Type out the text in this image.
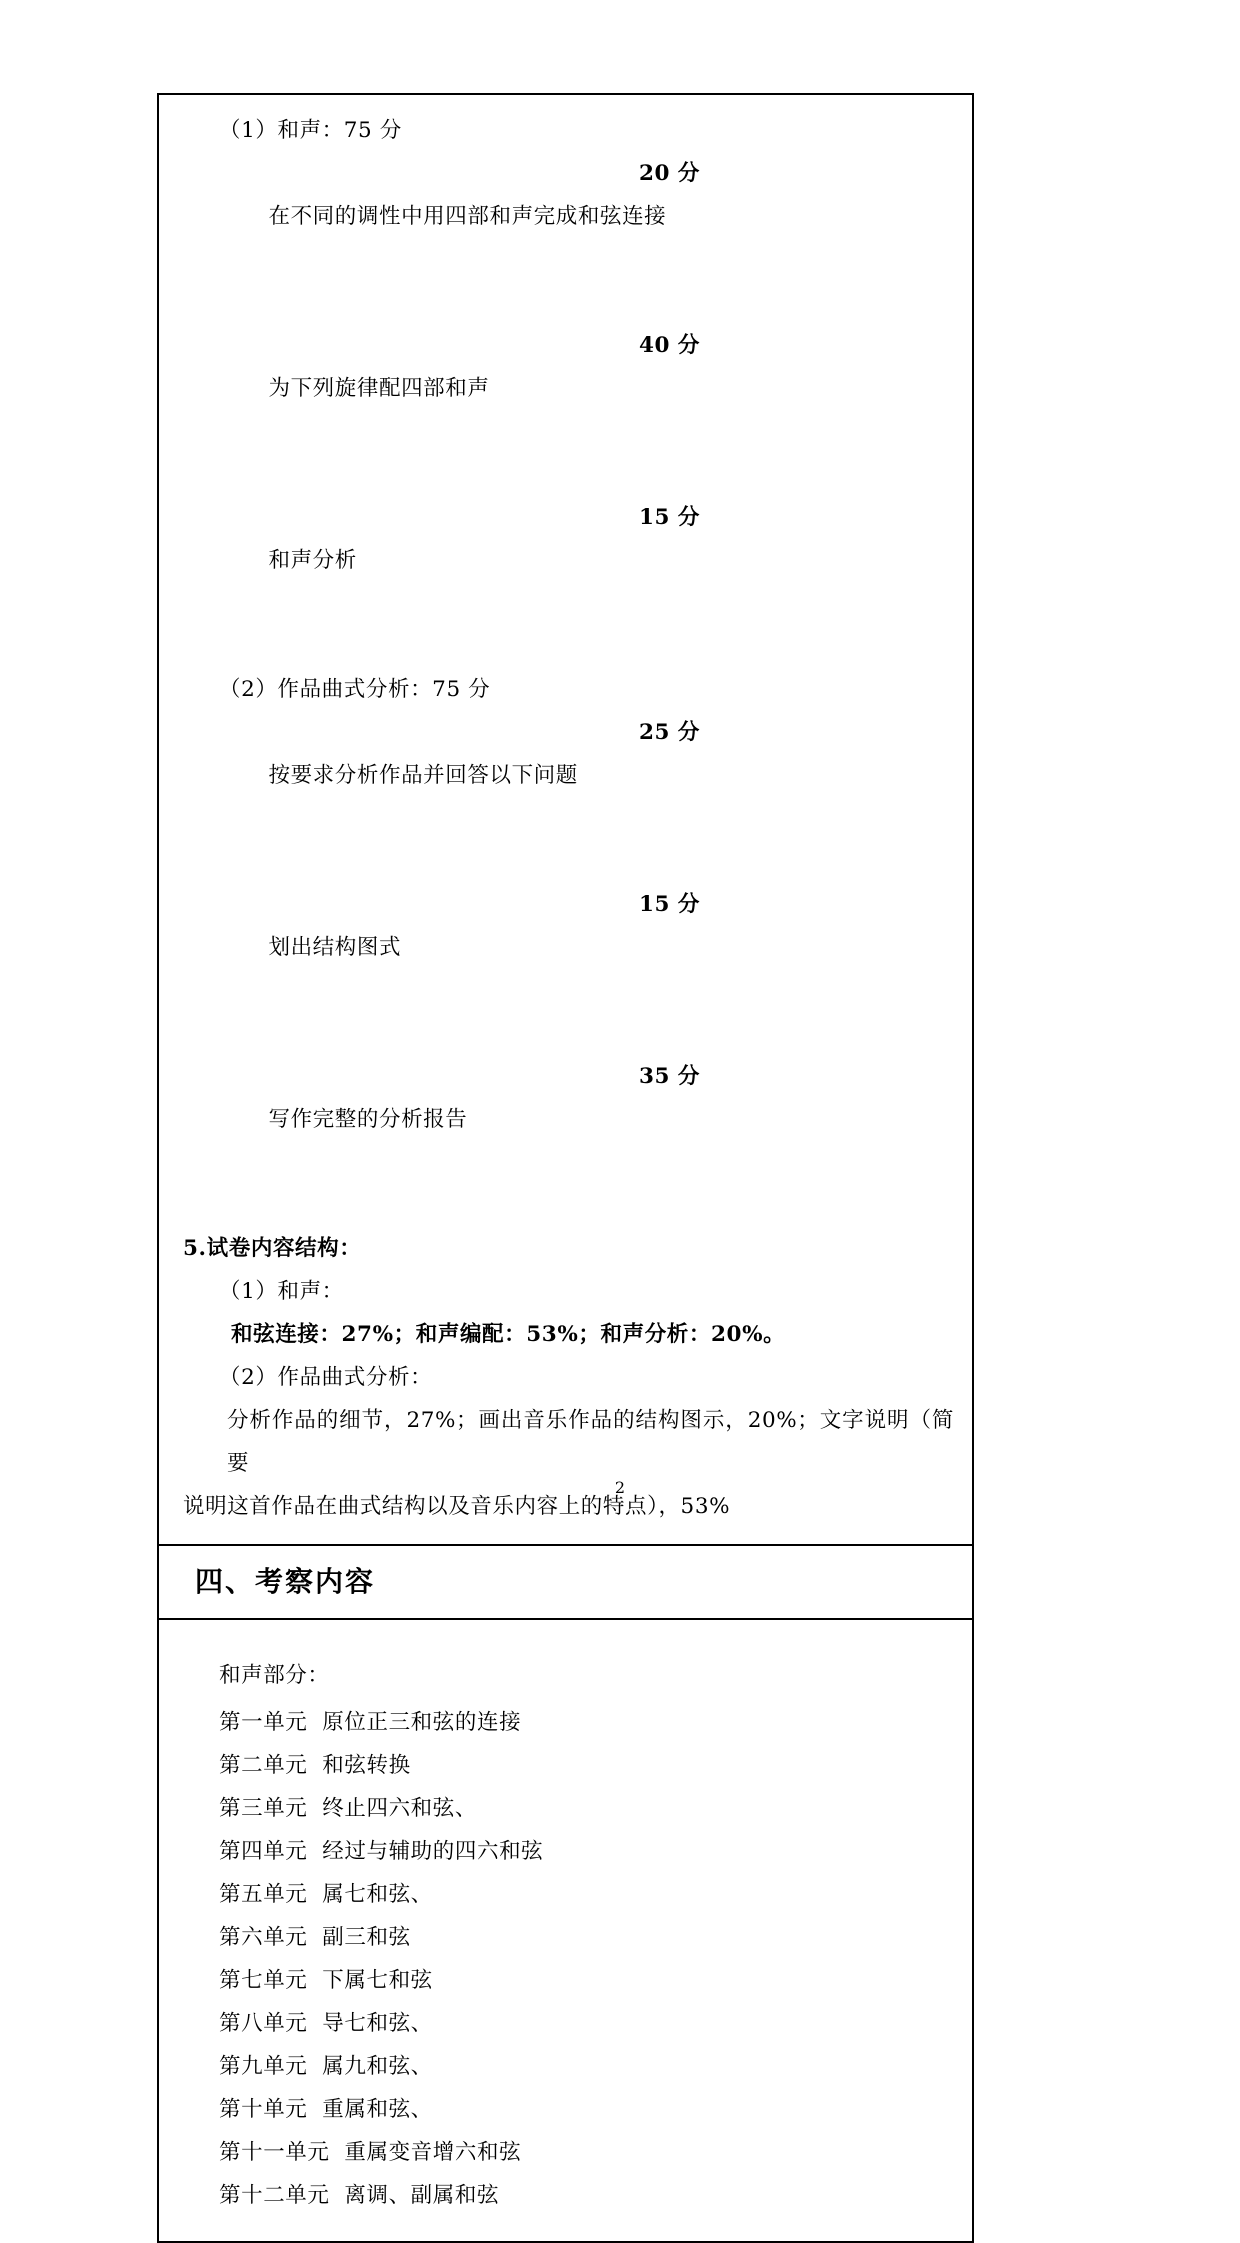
（1）和声：75 分

在不同的调性中用四部和声完成和弦连接

20 分

为下列旋律配四部和声

40 分

和声分析

15 分

（2）作品曲式分析：75 分

按要求分析作品并回答以下问题

25 分

划出结构图式

15 分

写作完整的分析报告

35 分

5.试卷内容结构：
（1）和声：
和弦连接：27%；和声编配：53%；和声分析：20%。
（2）作品曲式分析：
分析作品的细节，27%；画出音乐作品的结构图示，20%；文字说明（简要
说明这首作品在曲式结构以及音乐内容上的特点），53%
四、考察内容
和声部分：
第一单元  原位正三和弦的连接
第二单元  和弦转换
第三单元  终止四六和弦、
第四单元  经过与辅助的四六和弦
第五单元  属七和弦、
第六单元  副三和弦
第七单元  下属七和弦
第八单元  导七和弦、
第九单元  属九和弦、
第十单元  重属和弦、
第十一单元  重属变音增六和弦
第十二单元  离调、副属和弦
2
